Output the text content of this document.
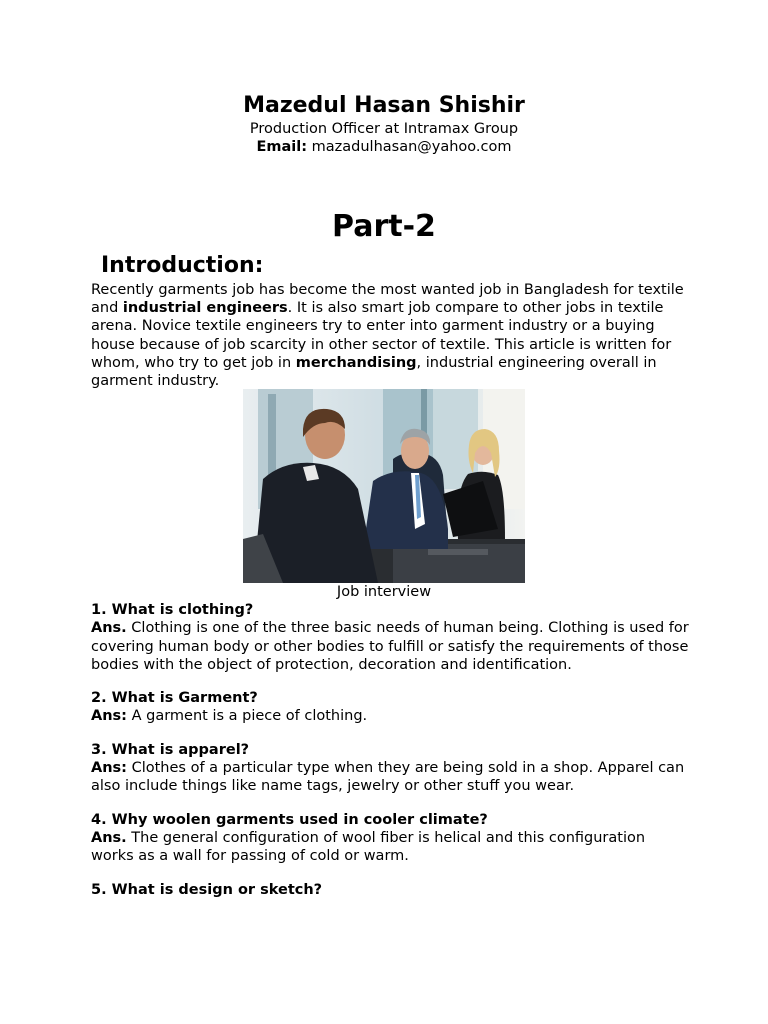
Mazedul Hasan Shishir
Production Officer at Intramax Group
Email: mazadulhasan@yahoo.com
Part-2
Introduction:
Recently garments job has become the most wanted job in Bangladesh for textile and industrial engineers. It is also smart job compare to other jobs in textile arena. Novice textile engineers try to enter into garment industry or a buying house because of job scarcity in other sector of textile. This article is written for whom, who try to get job in merchandising, industrial engineering overall in garment industry.
Job interview
1. What is clothing?
Ans. Clothing is one of the three basic needs of human being. Clothing is used for covering human body or other bodies to fulfill or satisfy the requirements of those bodies with the object of protection, decoration and identification.
2. What is Garment?
Ans: A garment is a piece of clothing.
3. What is apparel?
Ans: Clothes of a particular type when they are being sold in a shop. Apparel can also include things like name tags, jewelry or other stuff you wear.
4. Why woolen garments used in cooler climate?
Ans. The general configuration of wool fiber is helical and this configuration works as a wall for passing of cold or warm.
5. What is design or sketch?
